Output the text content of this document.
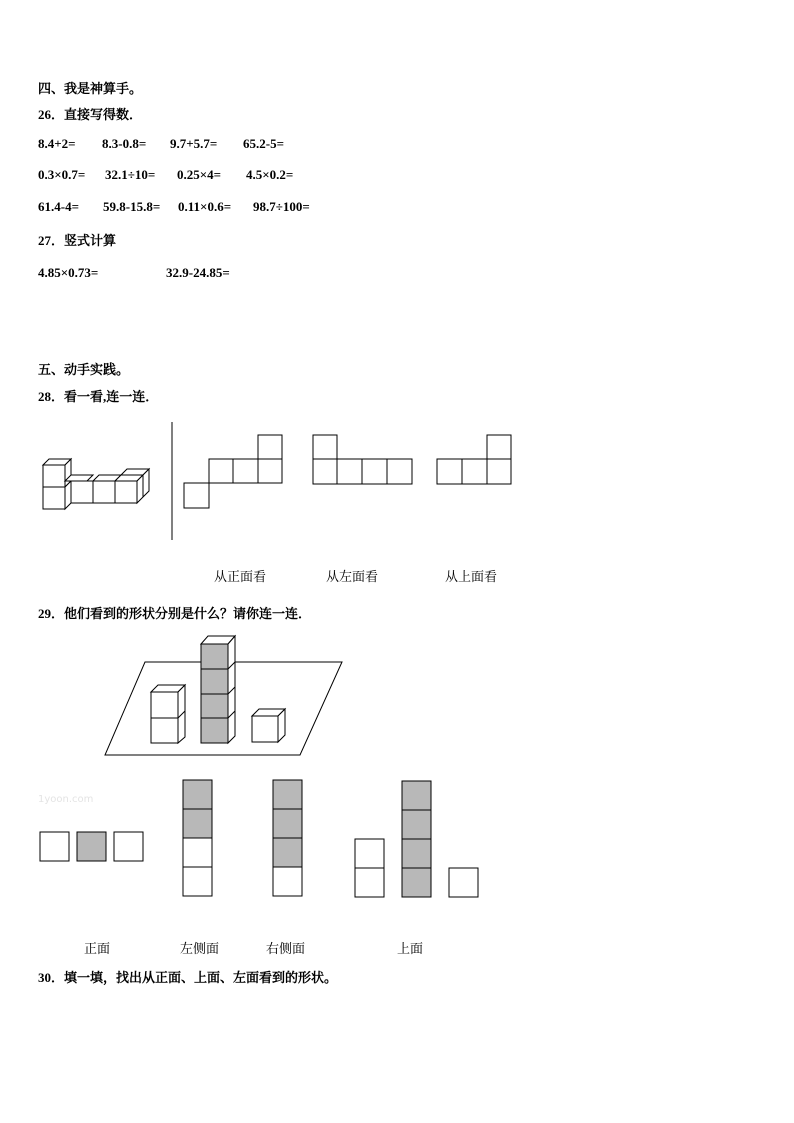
四、我是神算手。
26．直接写得数．
8.4+2= 8.3-0.8= 9.7+5.7= 65.2-5=
0.3×0.7= 32.1÷10= 0.25×4= 4.5×0.2=
61.4-4= 59.8-15.8= 0.11×0.6= 98.7÷100=
27．竖式计算
4.85×0.73=	32.9-24.85=
五、动手实践。
28．看一看,连一连．
从正面看	从左面看	从上面看
29．他们看到的形状分别是什么？请你连一连．
1yoon.com
正面	左侧面	右侧面	上面
30．填一填，找出从正面、上面、左面看到的形状。
